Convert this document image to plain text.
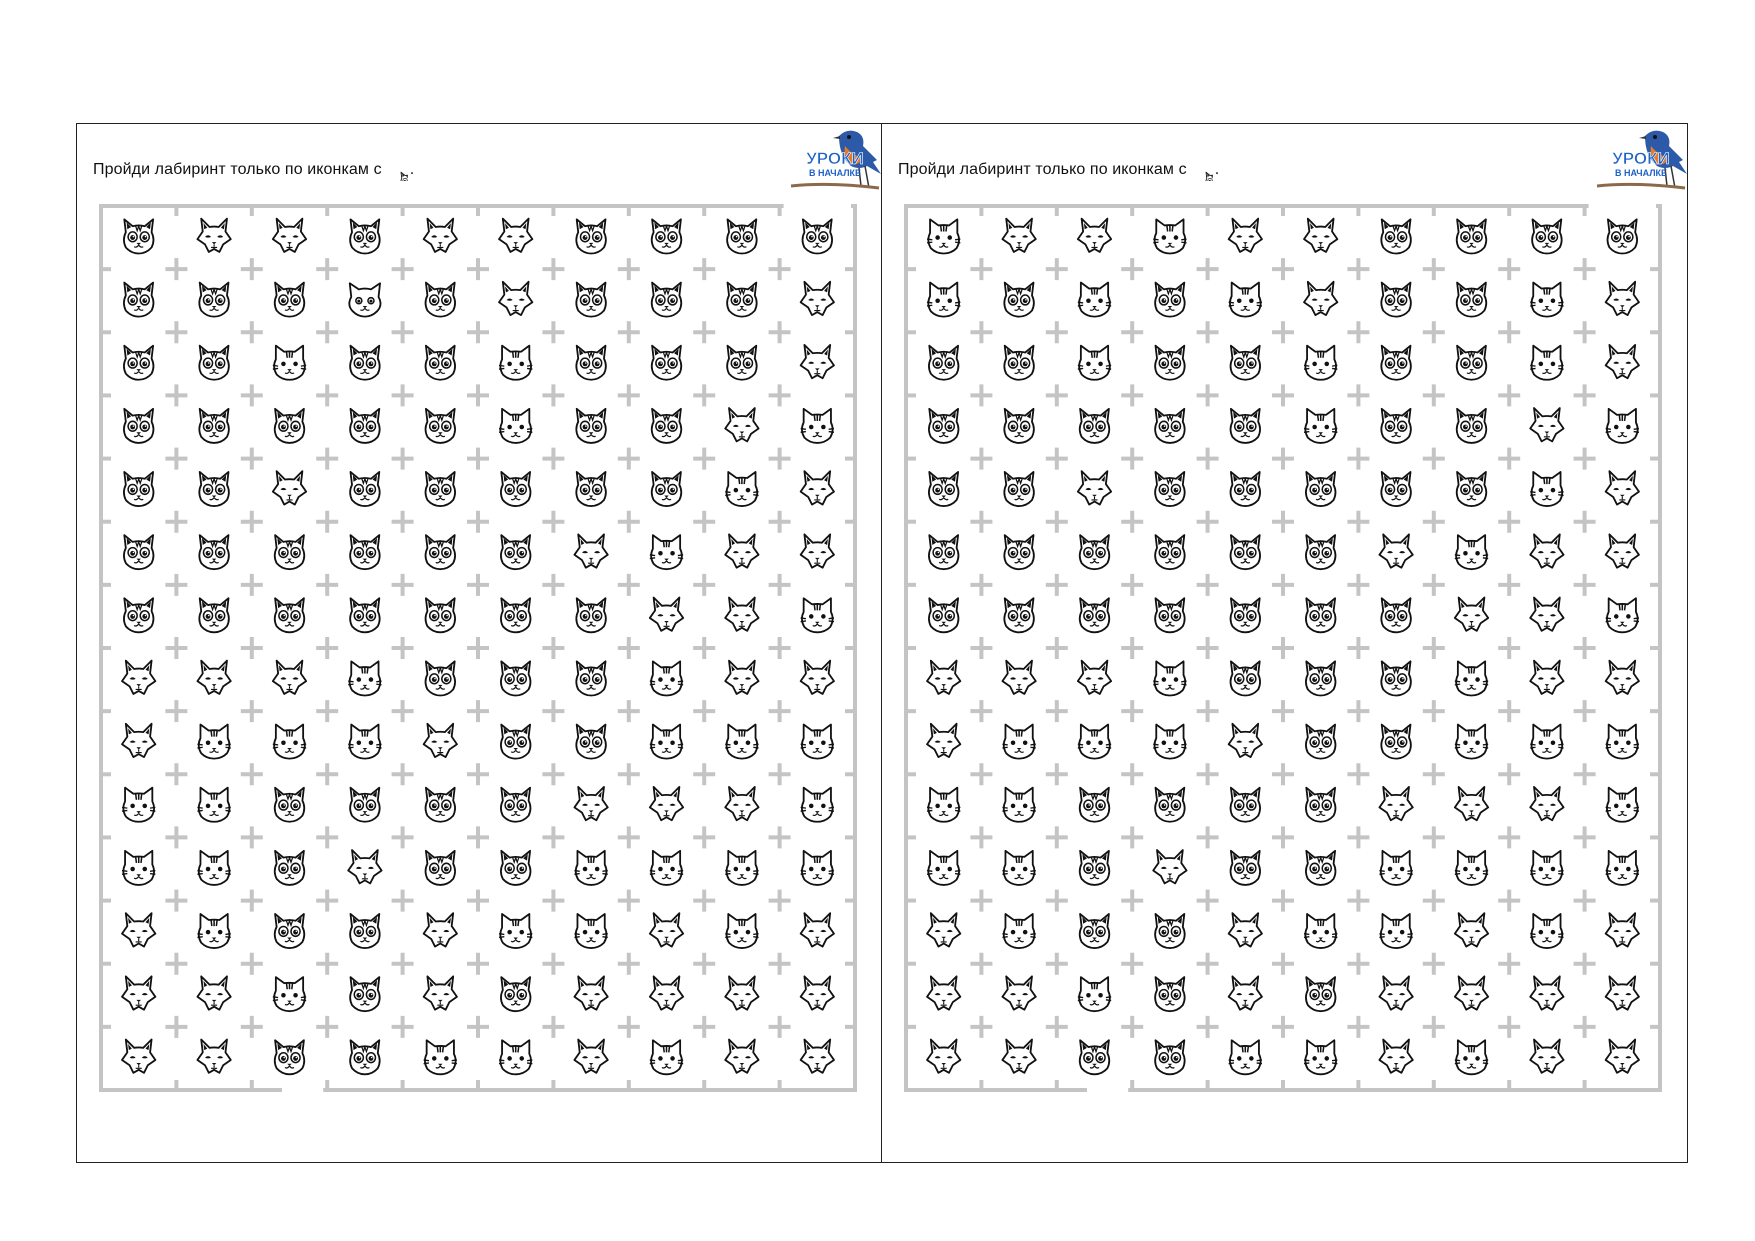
Пройди лабиринт только по иконкам с .
УРОКИ
В НАЧАЛКЕ Пройди лабиринт только по иконкам с .
УРОКИ
В НАЧАЛКЕ
